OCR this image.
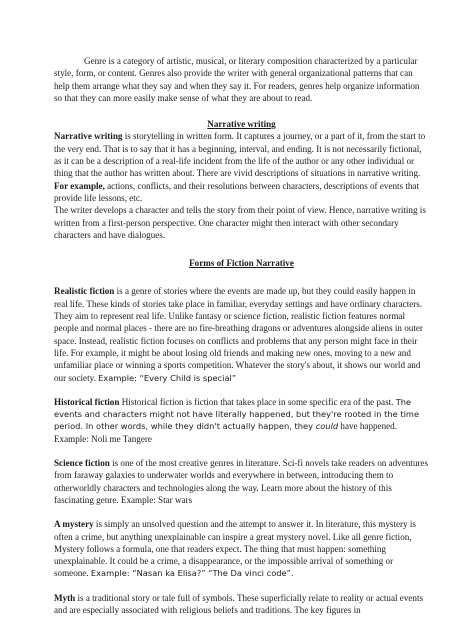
Genre is a category of artistic, musical, or literary composition characterized by a particular style, form, or content. Genres also provide the writer with general organizational patterns that can help them arrange what they say and when they say it. For readers, genres help organize information so that they can more easily make sense of what they are about to read.

Narrative writing

Narrative writing is storytelling in written form. It captures a journey, or a part of it, from the start to the very end. That is to say that it has a beginning, interval, and ending. It is not necessarily fictional, as it can be a description of a real-life incident from the life of the author or any other individual or thing that the author has written about. There are vivid descriptions of situations in narrative writing.

For example, actions, conflicts, and their resolutions between characters, descriptions of events that provide life lessons, etc.

The writer develops a character and tells the story from their point of view. Hence, narrative writing is written from a first-person perspective. One character might then interact with other secondary characters and have dialogues.

Forms of Fiction Narrative

Realistic fiction is a genre of stories where the events are made up, but they could easily happen in real life. These kinds of stories take place in familiar, everyday settings and have ordinary characters. They aim to represent real life. Unlike fantasy or science fiction, realistic fiction features normal people and normal places - there are no fire-breathing dragons or adventures alongside aliens in outer space. Instead, realistic fiction focuses on conflicts and problems that any person might face in their life. For example, it might be about losing old friends and making new ones, moving to a new and unfamiliar place or winning a sports competition. Whatever the story's about, it shows our world and our society. Example: “Every Child is special”

Historical fiction Historical fiction is fiction that takes place in some specific era of the past. The events and characters might not have literally happened, but they're rooted in the time period. In other words, while they didn't actually happen, they could have happened. Example: Noli me Tangere

Science fiction is one of the most creative genres in literature. Sci-fi novels take readers on adventures from faraway galaxies to underwater worlds and everywhere in between, introducing them to otherworldly characters and technologies along the way. Learn more about the history of this fascinating genre. Example: Star wars

A mystery is simply an unsolved question and the attempt to answer it. In literature, this mystery is often a crime, but anything unexplainable can inspire a great mystery novel. Like all genre fiction, Mystery follows a formula, one that readers expect. The thing that must happen: something unexplainable. It could be a crime, a disappearance, or the impossible arrival of something or someone. Example: “Nasan ka Elisa?” “The Da vinci code”.

Myth is a traditional story or tale full of symbols. These superficially relate to reality or actual events and are especially associated with religious beliefs and traditions. The key figures in
